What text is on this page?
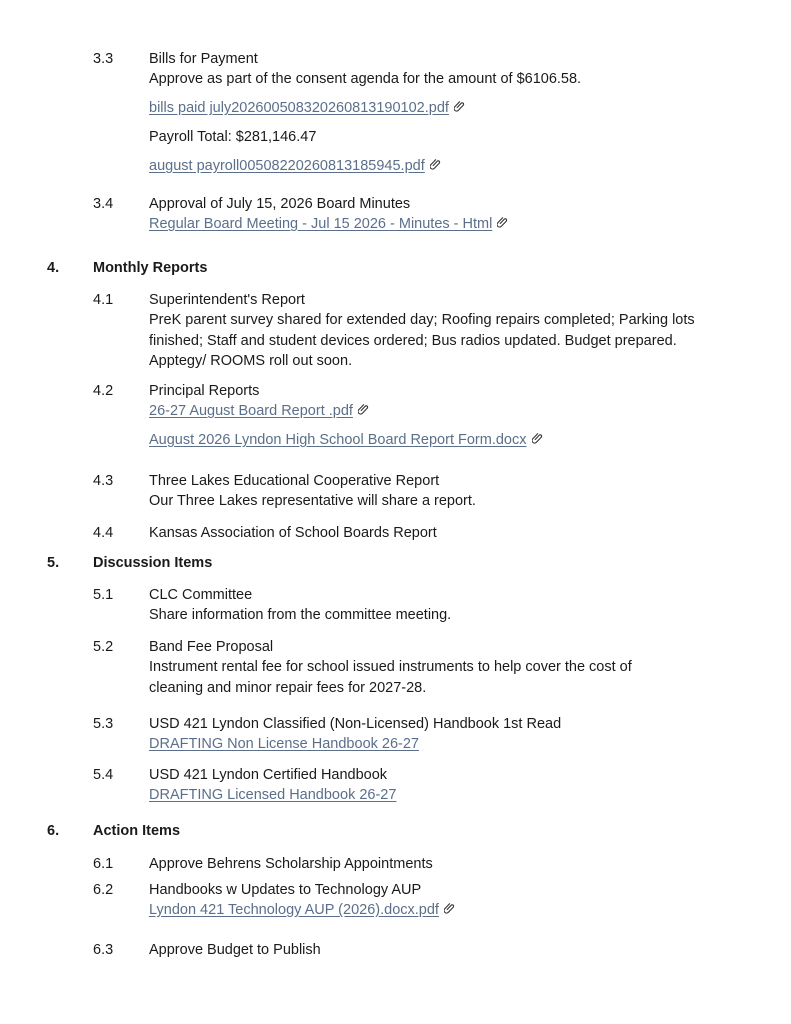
3.3 Bills for Payment
Approve as part of the consent agenda for the amount of $6106.58.
bills paid july202600508320260813190102.pdf
Payroll Total: $281,146.47
august payroll00508220260813185945.pdf
3.4 Approval of July 15, 2026 Board Minutes
Regular Board Meeting - Jul 15 2026 - Minutes - Html
4. Monthly Reports
4.1 Superintendent's Report
PreK parent survey shared for extended day; Roofing repairs completed; Parking lots finished; Staff and student devices ordered; Bus radios updated. Budget prepared. Apptegy/ ROOMS roll out soon.
4.2 Principal Reports
26-27 August Board Report .pdf
August 2026 Lyndon High School Board Report Form.docx
4.3 Three Lakes Educational Cooperative Report
Our Three Lakes representative will share a report.
4.4 Kansas Association of School Boards Report
5. Discussion Items
5.1 CLC Committee
Share information from the committee meeting.
5.2 Band Fee Proposal
Instrument rental fee for school issued instruments to help cover the cost of cleaning and minor repair fees for 2027-28.
5.3 USD 421 Lyndon Classified (Non-Licensed) Handbook 1st Read
DRAFTING Non License Handbook 26-27
5.4 USD 421 Lyndon Certified Handbook
DRAFTING Licensed Handbook 26-27
6. Action Items
6.1 Approve Behrens Scholarship Appointments
6.2 Handbooks w Updates to Technology AUP
Lyndon 421 Technology AUP (2026).docx.pdf
6.3 Approve Budget to Publish
